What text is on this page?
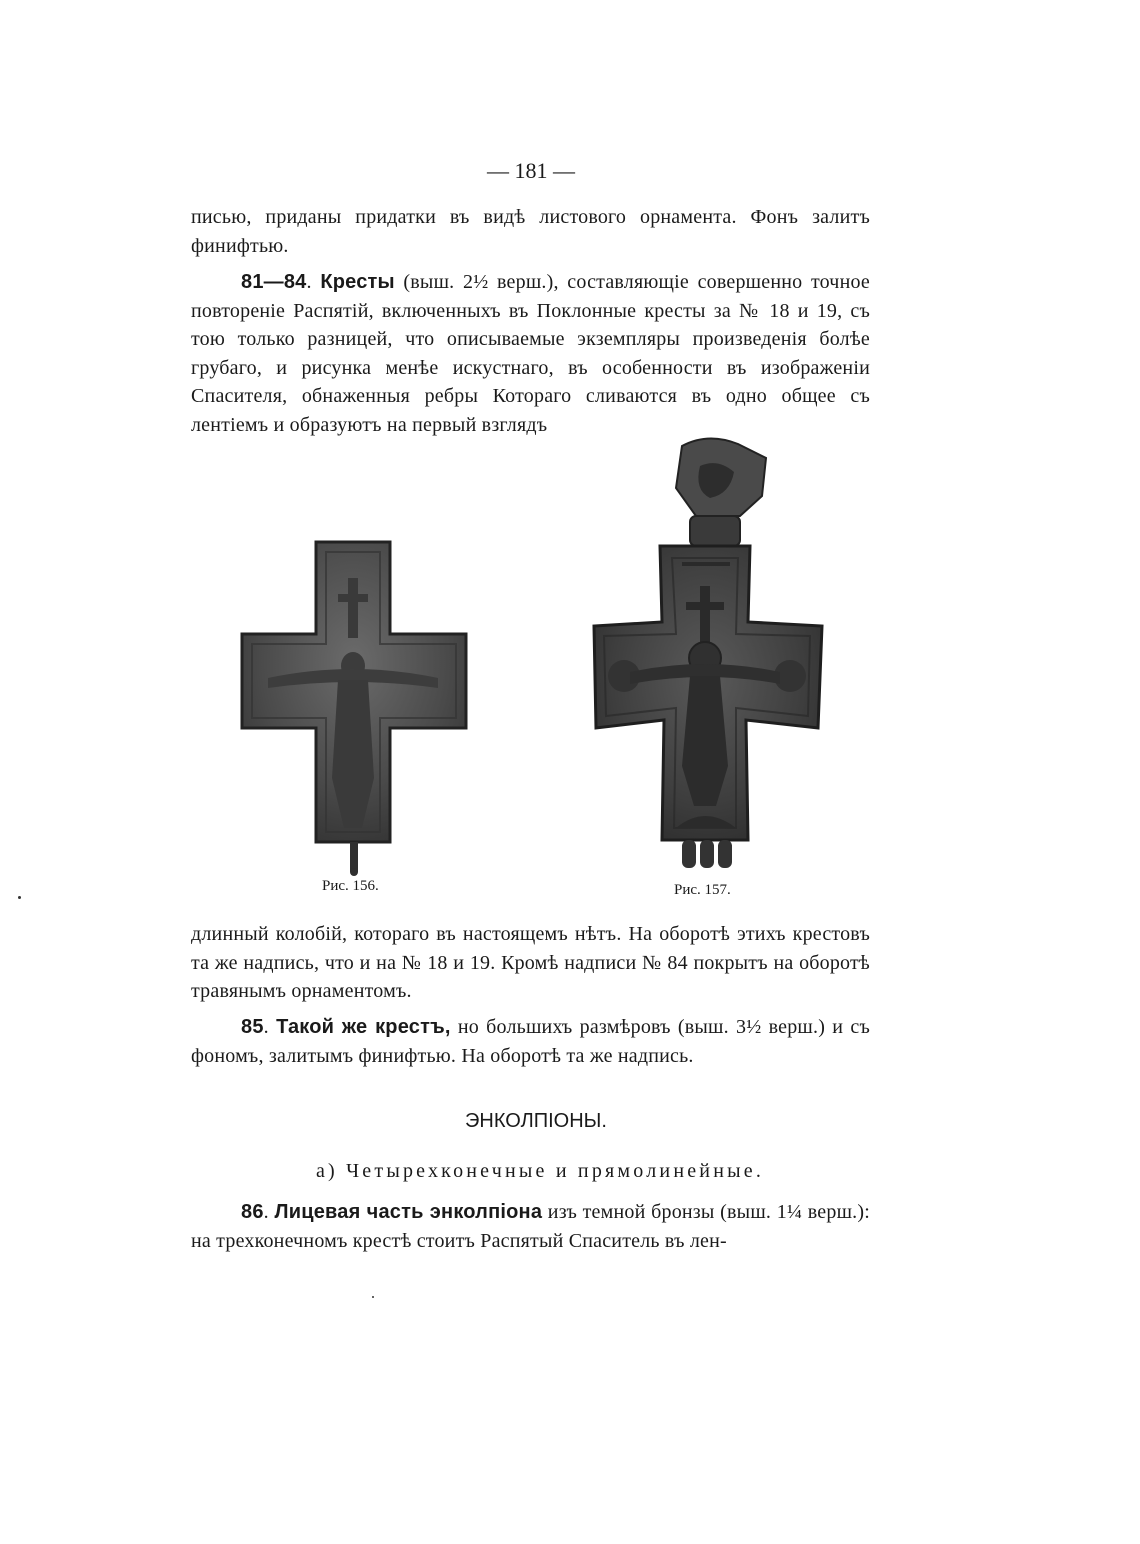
— 181 —

писью, приданы придатки въ видѣ листового орнамента. Фонъ залитъ финифтью.

81—84. Кресты (выш. 2½ верш.), составляющіе совершенно точное повтореніе Распятій, включенныхъ въ Поклонные кресты за № 18 и 19, съ тою только разницей, что описываемые экземпляры произведенія болѣе грубаго, и рисунка менѣе искустнаго, въ особенности въ изображеніи Спасителя, обнаженныя ребры Котораго сливаются въ одно общее съ лентіемъ и образуютъ на первый взглядъ

Рис. 156.	Рис. 157.

длинный колобій, котораго въ настоящемъ нѣтъ. На оборотѣ этихъ крестовъ та же надпись, что и на № 18 и 19. Кромѣ надписи № 84 покрытъ на оборотѣ травянымъ орнаментомъ.

85. Такой же крестъ, но большихъ размѣровъ (выш. 3½ верш.) и съ фономъ, залитымъ финифтью. На оборотѣ та же надпись.

ЭНКОЛПІОНЫ.
а) Четырехконечные и прямолинейные.

86. Лицевая часть энколпіона изъ темной бронзы (выш. 1¼ верш.): на трехконечномъ крестѣ стоитъ Распятый Спаситель въ лен-
